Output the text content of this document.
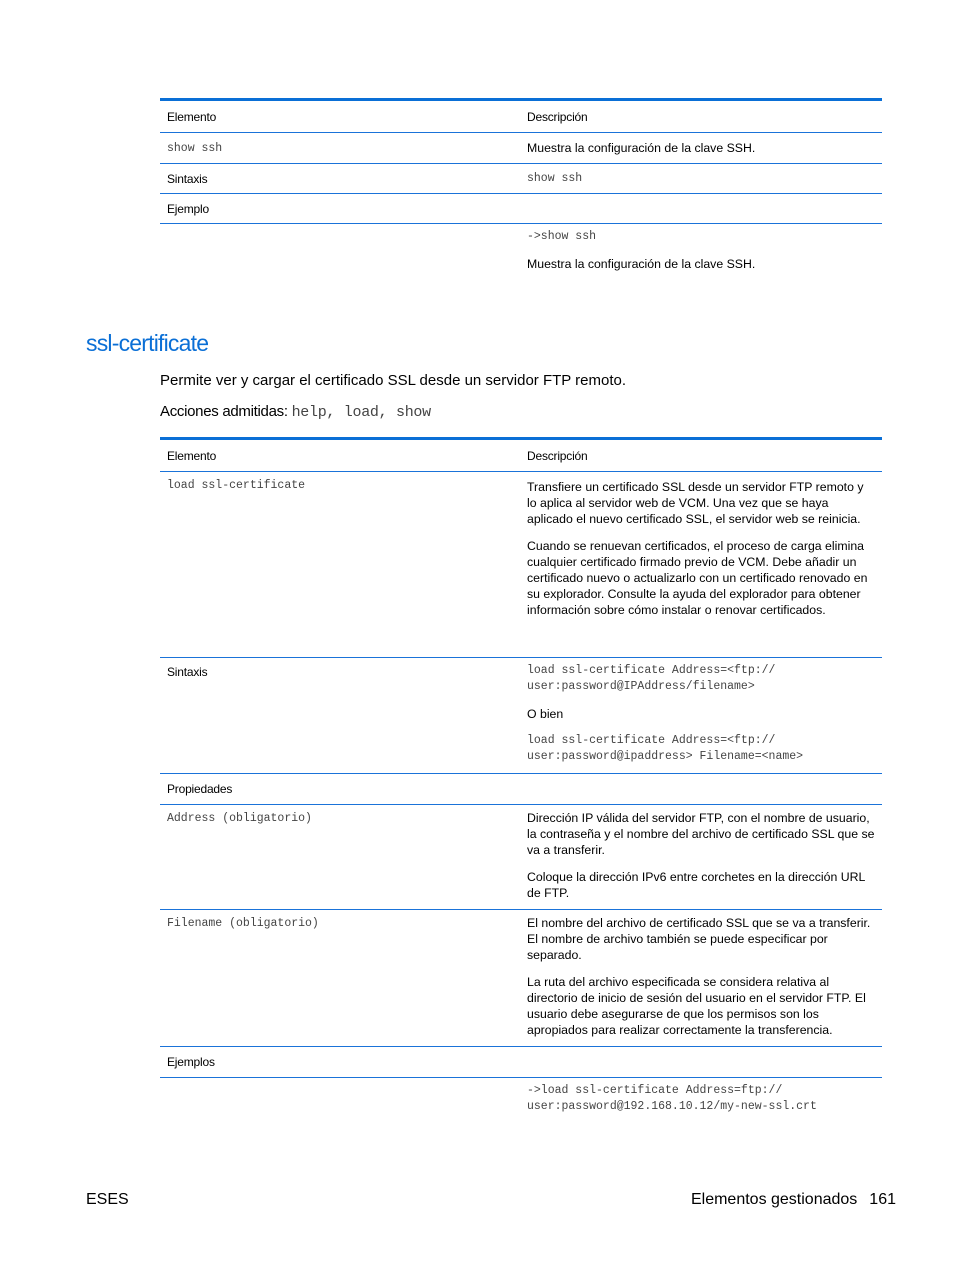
Elemento	Descripción
show ssh	Muestra la configuración de la clave SSH.
Sintaxis	show ssh
Ejemplo
->show ssh
Muestra la configuración de la clave SSH.
ssl-certificate

Permite ver y cargar el certificado SSL desde un servidor FTP remoto.

Acciones admitidas: help, load, show

Elemento	Descripción
load ssl-certificate	Transfiere un certificado SSL desde un servidor FTP remoto y lo aplica al servidor web de VCM. Una vez que se haya aplicado el nuevo certificado SSL, el servidor web se reinicia.

Cuando se renuevan certificados, el proceso de carga elimina cualquier certificado firmado previo de VCM. Debe añadir un certificado nuevo o actualizarlo con un certificado renovado en su explorador. Consulte la ayuda del explorador para obtener información sobre cómo instalar o renovar certificados.

Sintaxis	load ssl-certificate Address=<ftp://
user:password@IPAddress/filename>
O bien
load ssl-certificate Address=<ftp://
user:password@ipaddress> Filename=<name>
Propiedades
Address (obligatorio)	Dirección IP válida del servidor FTP, con el nombre de usuario, la contraseña y el nombre del archivo de certificado SSL que se va a transferir.

Coloque la dirección IPv6 entre corchetes en la dirección URL de FTP.

Filename (obligatorio)	El nombre del archivo de certificado SSL que se va a transferir. El nombre de archivo también se puede especificar por separado.

La ruta del archivo especificada se considera relativa al directorio de inicio de sesión del usuario en el servidor FTP. El usuario debe asegurarse de que los permisos son los apropiados para realizar correctamente la transferencia.

Ejemplos
->load ssl-certificate Address=ftp://
user:password@192.168.10.12/my-new-ssl.crt
ESES	Elementos gestionados 161
